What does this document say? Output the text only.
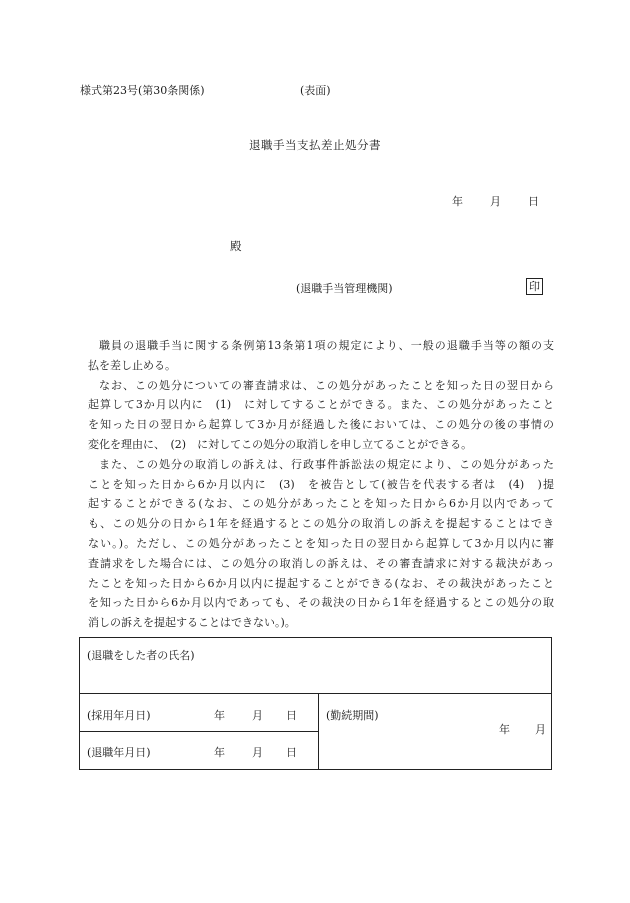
様式第23号(第30条関係)	(表面)
退職手当支払差止処分書
年 月 日
殿
(退職手当管理機関)	印
職員の退職手当に関する条例第13条第1項の規定により、一般の退職手当等の額の支
払を差し止める。
なお、この処分についての審査請求は、この処分があったことを知った日の翌日から
起算して3か月以内に　(1)　に対してすることができる。また、この処分があったこと
を知った日の翌日から起算して3か月が経過した後においては、この処分の後の事情の
変化を理由に、　(2)　に対してこの処分の取消しを申し立てることができる。
また、この処分の取消しの訴えは、行政事件訴訟法の規定により、この処分があった
ことを知った日から6か月以内に　(3)　を被告として(被告を代表する者は　(4)　)提
起することができる(なお、この処分があったことを知った日から6か月以内であって
も、この処分の日から1年を経過するとこの処分の取消しの訴えを提起することはでき
ない。)。ただし、この処分があったことを知った日の翌日から起算して3か月以内に審
査請求をした場合には、この処分の取消しの訴えは、その審査請求に対する裁決があっ
たことを知った日から6か月以内に提起することができる(なお、その裁決があったこと
を知った日から6か月以内であっても、その裁決の日から1年を経過するとこの処分の取
消しの訴えを提起することはできない。)。
(退職をした者の氏名)
(採用年月日)	年 月 日
(退職年月日)	年 月 日
(勤続期間)
年 月
